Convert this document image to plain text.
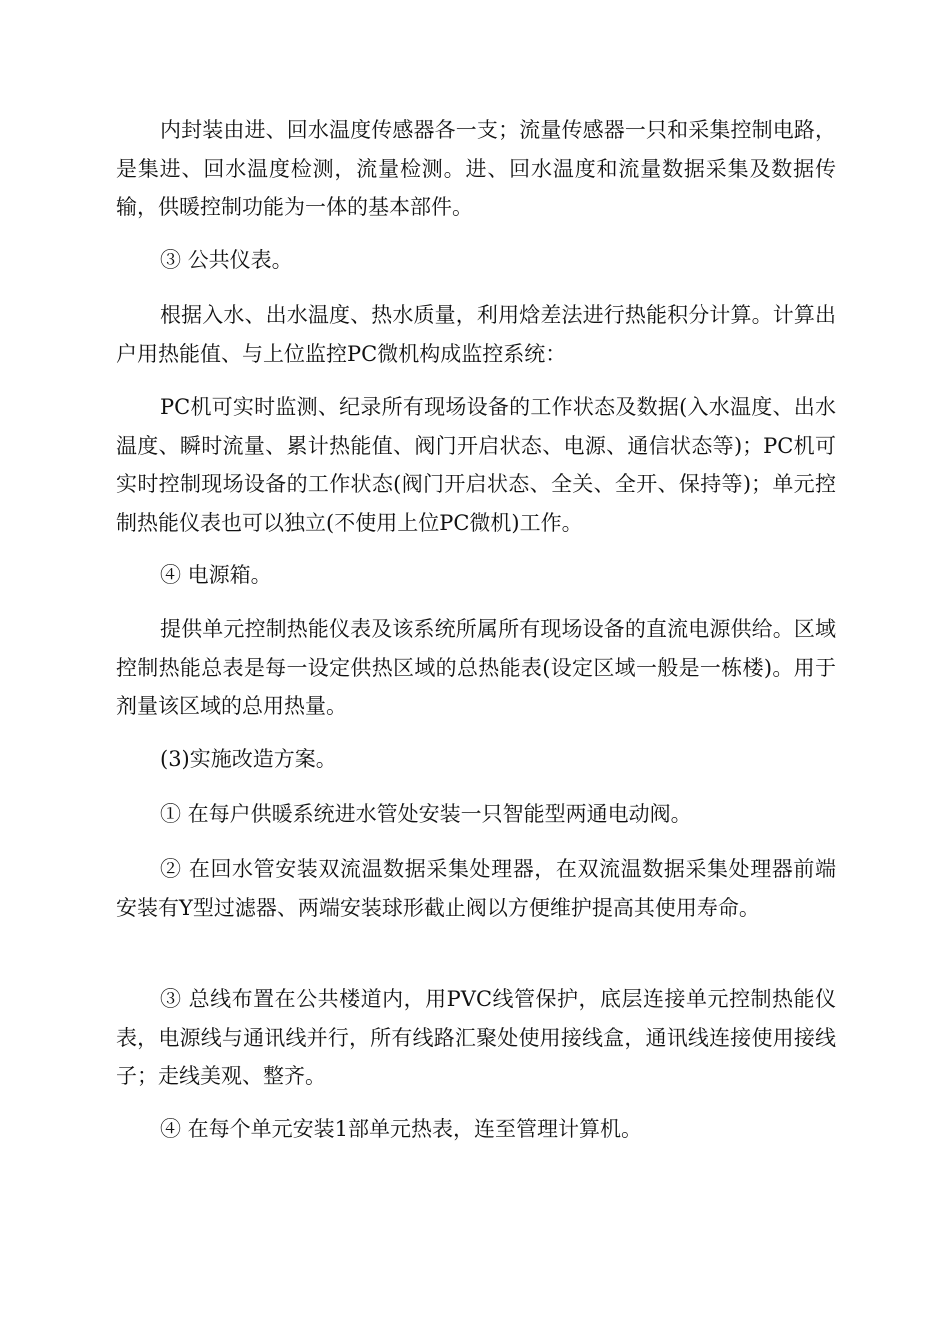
内封装由进、回水温度传感器各一支；流量传感器一只和采集控制电路，是集进、回水温度检测，流量检测。进、回水温度和流量数据采集及数据传输，供暖控制功能为一体的基本部件。

③ 公共仪表。

根据入水、出水温度、热水质量，利用焓差法进行热能积分计算。计算出户用热能值、与上位监控PC微机构成监控系统：

PC机可实时监测、纪录所有现场设备的工作状态及数据(入水温度、出水温度、瞬时流量、累计热能值、阀门开启状态、电源、通信状态等)；PC机可实时控制现场设备的工作状态(阀门开启状态、全关、全开、保持等)；单元控制热能仪表也可以独立(不使用上位PC微机)工作。

④ 电源箱。

提供单元控制热能仪表及该系统所属所有现场设备的直流电源供给。区域控制热能总表是每一设定供热区域的总热能表(设定区域一般是一栋楼)。用于剂量该区域的总用热量。

(3)实施改造方案。

① 在每户供暖系统进水管处安装一只智能型两通电动阀。

② 在回水管安装双流温数据采集处理器，在双流温数据采集处理器前端安装有Y型过滤器、两端安装球形截止阀以方便维护提高其使用寿命。

③ 总线布置在公共楼道内，用PVC线管保护，底层连接单元控制热能仪表，电源线与通讯线并行，所有线路汇聚处使用接线盒，通讯线连接使用接线子；走线美观、整齐。

④ 在每个单元安装1部单元热表，连至管理计算机。
